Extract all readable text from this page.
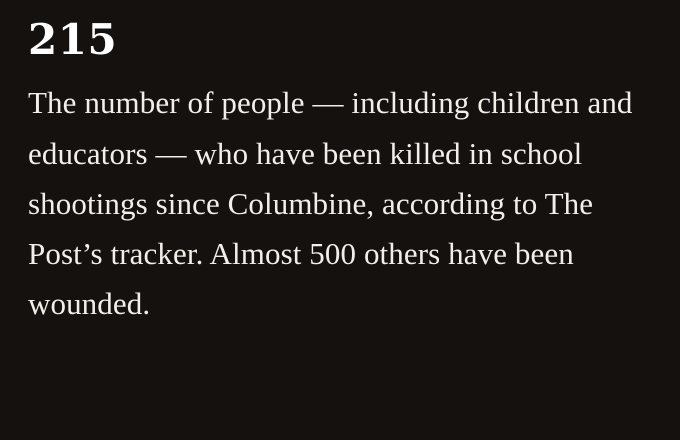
215

The number of people — including children and educators — who have been killed in school shootings since Columbine, according to The Post’s tracker. Almost 500 others have been wounded.
